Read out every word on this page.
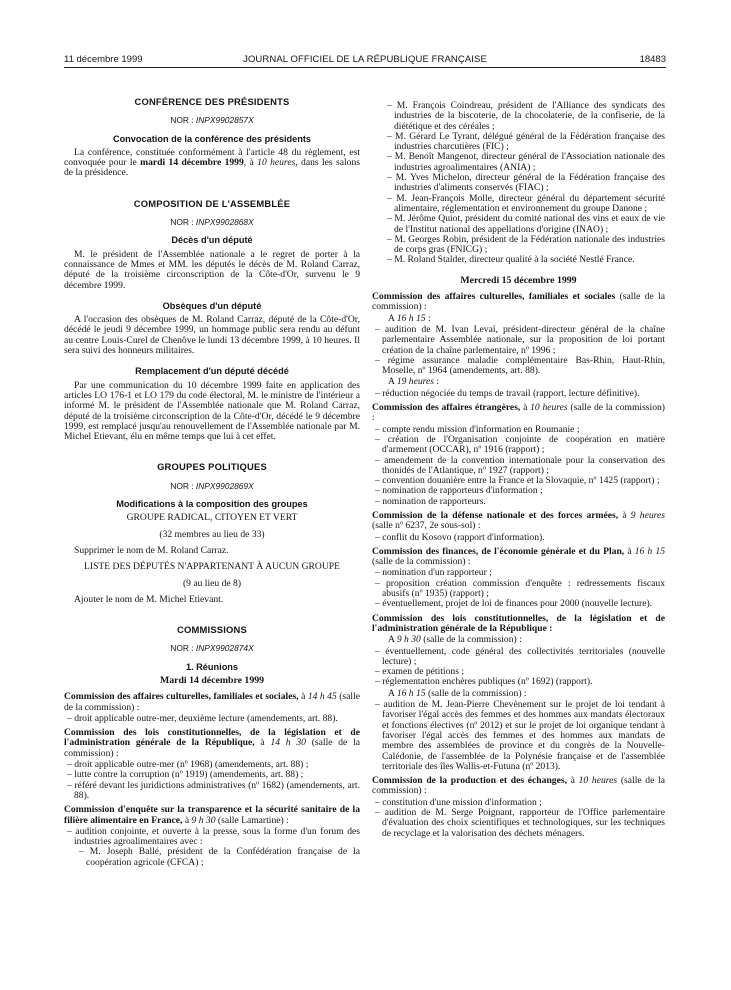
11 décembre 1999	JOURNAL OFFICIEL DE LA RÉPUBLIQUE FRANÇAISE	18483
CONFÉRENCE DES PRÉSIDENTS
NOR : INPX9902857X
Convocation de la conférence des présidents

La conférence, constituée conformément à l'article 48 du règlement, est convoquée pour le mardi 14 décembre 1999, à 10 heures, dans les salons de la présidence.

COMPOSITION DE L'ASSEMBLÉE
NOR : INPX9902868X
Décès d'un député

M. le président de l'Assemblée nationale a le regret de porter à la connaissance de Mmes et MM. les députés le décès de M. Roland Carraz, député de la troisième circonscription de la Côte-d'Or, survenu le 9 décembre 1999.

Obsèques d'un député

A l'occasion des obsèques de M. Roland Carraz, député de la Côte-d'Or, décédé le jeudi 9 décembre 1999, un hommage public sera rendu au défunt au centre Louis-Curel de Chenôve le lundi 13 décembre 1999, à 10 heures. Il sera suivi des honneurs militaires.

Remplacement d'un député décédé

Par une communication du 10 décembre 1999 faite en application des articles LO 176-1 et LO 179 du code électoral, M. le ministre de l'intérieur a informé M. le président de l'Assemblée nationale que M. Roland Carraz, député de la troisième circonscription de la Côte-d'Or, décédé le 9 décembre 1999, est remplacé jusqu'au renouvellement de l'Assemblée nationale par M. Michel Etievant, élu en même temps que lui à cet effet.

GROUPES POLITIQUES
NOR : INPX9902869X
Modifications à la composition des groupes

GROUPE RADICAL, CITOYEN ET VERT

(32 membres au lieu de 33)

Supprimer le nom de M. Roland Carraz.

LISTE DES DÉPUTÉS N'APPARTENANT À AUCUN GROUPE

(9 au lieu de 8)

Ajouter le nom de M. Michel Etievant.

COMMISSIONS
NOR : INPX9902874X
1. Réunions
Mardi 14 décembre 1999

Commission des affaires culturelles, familiales et sociales, à 14 h 45 (salle de la commission) :

– droit applicable outre-mer, deuxième lecture (amendements, art. 88).

Commission des lois constitutionnelles, de la législation et de l'administration générale de la République, à 14 h 30 (salle de la commission) :

– droit applicable outre-mer (nº 1968) (amendements, art. 88) ;

– lutte contre la corruption (nº 1919) (amendements, art. 88) ;

– référé devant les juridictions administratives (nº 1682) (amendements, art. 88).

Commission d'enquête sur la transparence et la sécurité sanitaire de la filière alimentaire en France, à 9 h 30 (salle Lamartine) :

– audition conjointe, et ouverte à la presse, sous la forme d'un forum des industries agroalimentaires avec :

– M. Joseph Ballé, président de la Confédération française de la coopération agricole (CFCA) ;

– M. François Coindreau, président de l'Alliance des syndicats des industries de la biscoterie, de la chocolaterie, de la confiserie, de la diététique et des céréales ;

– M. Gérard Le Tyrant, délégué général de la Fédération française des industries charcutières (FIC) ;

– M. Benoît Mangenot, directeur général de l'Association nationale des industries agroalimentaires (ANIA) ;

– M. Yves Michelon, directeur général de la Fédération française des industries d'aliments conservés (FIAC) ;

– M. Jean-François Molle, directeur général du département sécurité alimentaire, réglementation et environnement du groupe Danone ;

– M. Jérôme Quiot, président du comité national des vins et eaux de vie de l'Institut national des appellations d'origine (INAO) ;

– M. Georges Robin, président de la Fédération nationale des industries de corps gras (FNICG) ;

– M. Roland Stalder, directeur qualité à la société Nestlé France.

Mercredi 15 décembre 1999

Commission des affaires culturelles, familiales et sociales (salle de la commission) :

A 16 h 15 :

– audition de M. Ivan Levaï, président-directeur général de la chaîne parlementaire Assemblée nationale, sur la proposition de loi portant création de la chaîne parlementaire, nº 1996 ;

– régime assurance maladie complémentaire Bas-Rhin, Haut-Rhin, Moselle, nº 1964 (amendements, art. 88).

A 19 heures :

– réduction négociée du temps de travail (rapport, lecture définitive).

Commission des affaires étrangères, à 10 heures (salle de la commission) :

– compte rendu mission d'information en Roumanie ;

– création de l'Organisation conjointe de coopération en matière d'armement (OCCAR), nº 1916 (rapport) ;

– amendement de la convention internationale pour la conservation des thonidés de l'Atlantique, nº 1927 (rapport) ;

– convention douanière entre la France et la Slovaquie, nº 1425 (rapport) ;

– nomination de rapporteurs d'information ;

– nomination de rapporteurs.

Commission de la défense nationale et des forces armées, à 9 heures (salle nº 6237, 2e sous-sol) :

– conflit du Kosovo (rapport d'information).

Commission des finances, de l'économie générale et du Plan, à 16 h 15 (salle de la commission) :

– nomination d'un rapporteur ;

– proposition création commission d'enquête : redressements fiscaux abusifs (nº 1935) (rapport) ;

– éventuellement, projet de loi de finances pour 2000 (nouvelle lecture).

Commission des lois constitutionnelles, de la législation et de l'administration générale de la République :

A 9 h 30 (salle de la commission) :

– éventuellement, code général des collectivités territoriales (nouvelle lecture) ;

– examen de pétitions ;

– réglementation enchères publiques (nº 1692) (rapport).

A 16 h 15 (salle de la commission) :

– audition de M. Jean-Pierre Chevènement sur le projet de loi tendant à favoriser l'égal accès des femmes et des hommes aux mandats électoraux et fonctions électives (nº 2012) et sur le projet de loi organique tendant à favoriser l'égal accès des femmes et des hommes aux mandats de membre des assemblées de province et du congrès de la Nouvelle-Calédonie, de l'assemblée de la Polynésie française et de l'assemblée territoriale des îles Wallis-et-Futuna (nº 2013).

Commission de la production et des échanges, à 10 heures (salle de la commission) :

– constitution d'une mission d'information ;

– audition de M. Serge Poignant, rapporteur de l'Office parlementaire d'évaluation des choix scientifiques et technologiques, sur les techniques de recyclage et la valorisation des déchets ménagers.
